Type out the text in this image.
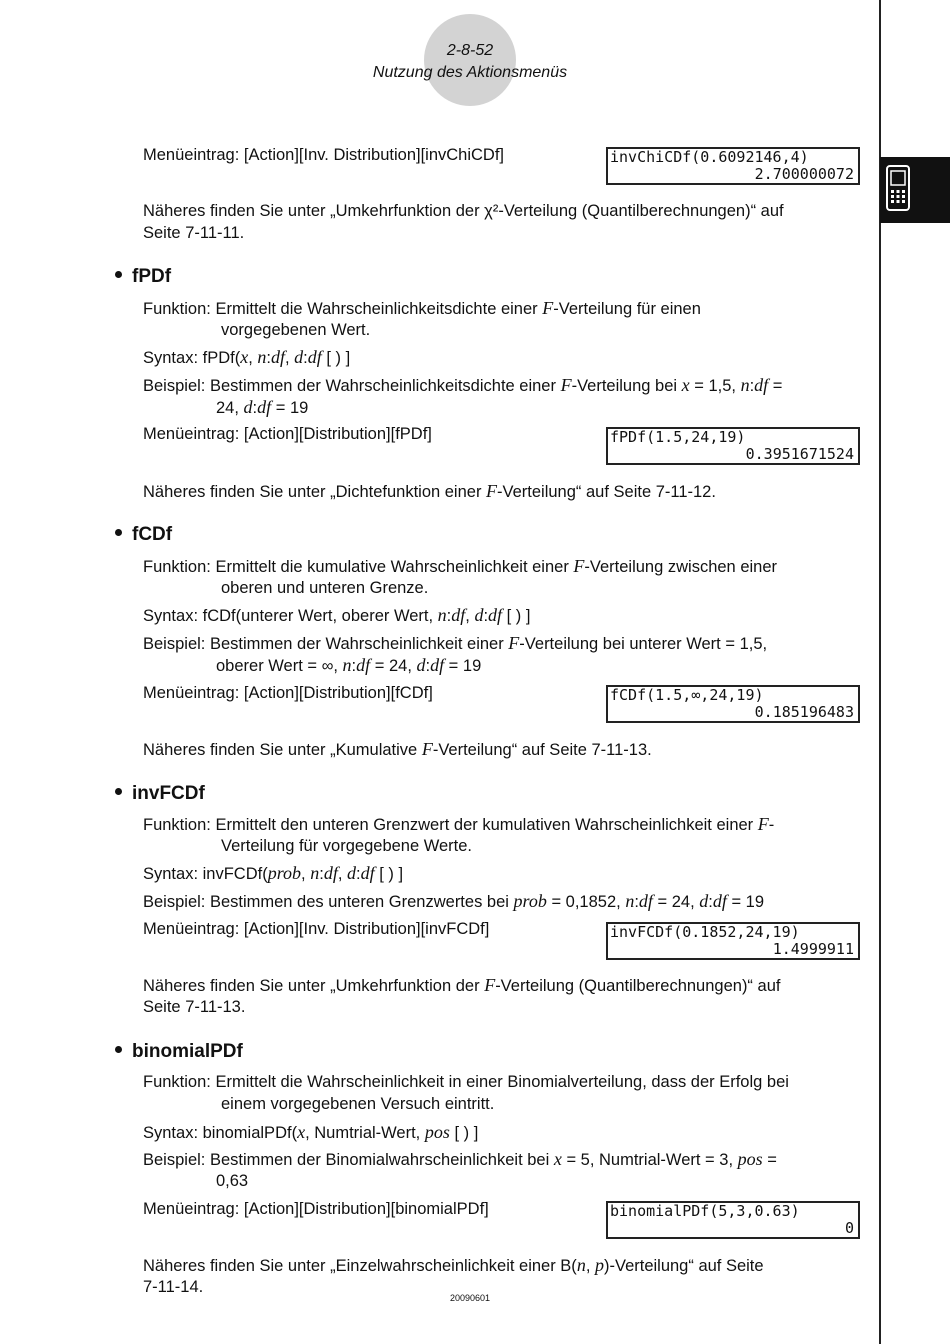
2-8-52
Nutzung des Aktionsmenüs

Menüeintrag: [Action][Inv. Distribution][invChiCDf]	invChiCDf(0.6092146,4)
2.700000072

Näheres finden Sie unter „Umkehrfunktion der χ²-Verteilung (Quantilberechnungen)“ auf

Seite 7-11-11.

fPDf

Funktion: Ermittelt die Wahrscheinlichkeitsdichte einer F-Verteilung für einen

vorgegebenen Wert.

Syntax: fPDf(x, n:df, d:df [ ) ]

Beispiel: Bestimmen der Wahrscheinlichkeitsdichte einer F-Verteilung bei x = 1,5, n:df =

24, d:df = 19

Menüeintrag: [Action][Distribution][fPDf]	fPDf(1.5,24,19)
0.3951671524

Näheres finden Sie unter „Dichtefunktion einer F-Verteilung“ auf Seite 7-11-12.

fCDf

Funktion: Ermittelt die kumulative Wahrscheinlichkeit einer F-Verteilung zwischen einer

oberen und unteren Grenze.

Syntax: fCDf(unterer Wert, oberer Wert, n:df, d:df [ ) ]

Beispiel: Bestimmen der Wahrscheinlichkeit einer F-Verteilung bei unterer Wert = 1,5,

oberer Wert = ∞, n:df = 24, d:df = 19

Menüeintrag: [Action][Distribution][fCDf]	fCDf(1.5,∞,24,19)
0.185196483

Näheres finden Sie unter „Kumulative F-Verteilung“ auf Seite 7-11-13.

invFCDf

Funktion: Ermittelt den unteren Grenzwert der kumulativen Wahrscheinlichkeit einer F-

Verteilung für vorgegebene Werte.

Syntax: invFCDf(prob, n:df, d:df [ ) ]

Beispiel: Bestimmen des unteren Grenzwertes bei prob = 0,1852, n:df = 24, d:df = 19

Menüeintrag: [Action][Inv. Distribution][invFCDf]	invFCDf(0.1852,24,19)
1.4999911

Näheres finden Sie unter „Umkehrfunktion der F-Verteilung (Quantilberechnungen)“ auf

Seite 7-11-13.

binomialPDf

Funktion: Ermittelt die Wahrscheinlichkeit in einer Binomialverteilung, dass der Erfolg bei

einem vorgegebenen Versuch eintritt.

Syntax: binomialPDf(x, Numtrial-Wert, pos [ ) ]

Beispiel: Bestimmen der Binomialwahrscheinlichkeit bei x = 5, Numtrial-Wert = 3, pos =

0,63

Menüeintrag: [Action][Distribution][binomialPDf]	binomialPDf(5,3,0.63)
0

Näheres finden Sie unter „Einzelwahrscheinlichkeit einer B(n, p)-Verteilung“ auf Seite

7-11-14.

20090601
